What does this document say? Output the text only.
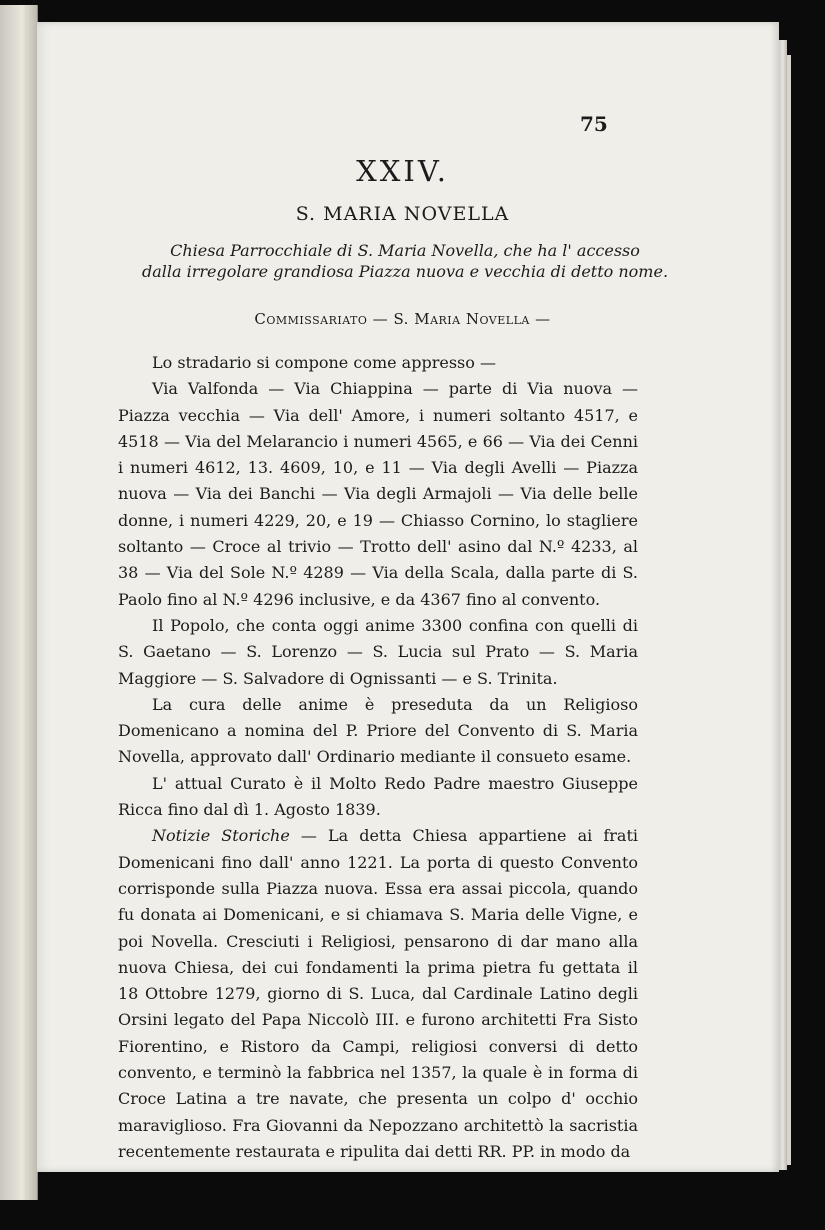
75
XXIV.
S. MARIA NOVELLA
Chiesa Parrocchiale di S. Maria Novella, che ha l' accesso
dalla irregolare grandiosa Piazza nuova e vecchia di detto nome.
Commissariato — S. Maria Novella —

Lo stradario si compone come appresso —

Via Valfonda — Via Chiappina — parte di Via nuova — Piazza vecchia — Via dell' Amore, i numeri soltanto 4517, e 4518 — Via del Melarancio i numeri 4565, e 66 — Via dei Cenni i numeri 4612, 13. 4609, 10, e 11 — Via degli Avelli — Piazza nuova — Via dei Banchi — Via degli Armajoli — Via delle belle donne, i numeri 4229, 20, e 19 — Chiasso Cornino, lo stagliere soltanto — Croce al trivio — Trotto dell' asino dal N.º 4233, al 38 — Via del Sole N.º 4289 — Via della Scala, dalla parte di S. Paolo fino al N.º 4296 inclusive, e da 4367 fino al convento.

Il Popolo, che conta oggi anime 3300 confina con quelli di S. Gaetano — S. Lorenzo — S. Lucia sul Prato — S. Maria Maggiore — S. Salvadore di Ognissanti — e S. Trinita.

La cura delle anime è preseduta da un Religioso Domenicano a nomina del P. Priore del Convento di S. Maria Novella, approvato dall' Ordinario mediante il consueto esame.

L' attual Curato è il Molto Redo Padre maestro Giuseppe Ricca fino dal dì 1. Agosto 1839.

Notizie Storiche — La detta Chiesa appartiene ai frati Domenicani fino dall' anno 1221. La porta di questo Convento corrisponde sulla Piazza nuova. Essa era assai piccola, quando fu donata ai Domenicani, e si chiamava S. Maria delle Vigne, e poi Novella. Cresciuti i Religiosi, pensarono di dar mano alla nuova Chiesa, dei cui fondamenti la prima pietra fu gettata il 18 Ottobre 1279, giorno di S. Luca, dal Cardinale Latino degli Orsini legato del Papa Niccolò III. e furono architetti Fra Sisto Fiorentino, e Ristoro da Campi, religiosi conversi di detto convento, e terminò la fabbrica nel 1357, la quale è in forma di Croce Latina a tre navate, che presenta un colpo d' occhio maraviglioso. Fra Giovanni da Nepozzano architettò la sacristia recentemente restaurata e ripulita dai detti RR. PP. in modo da
